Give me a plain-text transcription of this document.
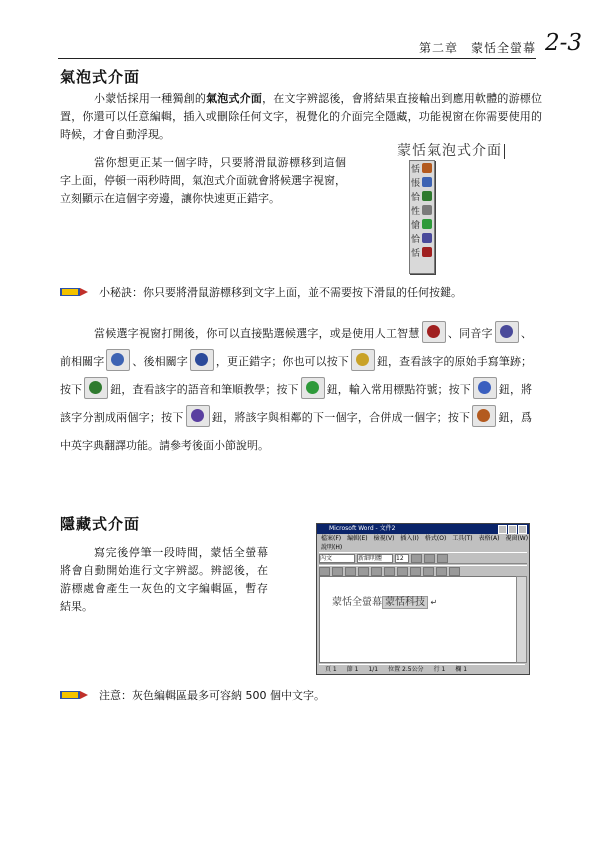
第二章　蒙恬全螢幕 2-3
氣泡式介面
小蒙恬採用一種獨創的氣泡式介面，在文字辨認後，會將結果直接輸出到應用軟體的游標位置，你還可以任意編輯，插入或刪除任何文字，視覺化的介面完全隱藏，功能視窗在你需要使用的時候，才會自動浮現。
當你想更正某一個字時，只要將滑鼠游標移到這個字上面，停頓一兩秒時間，氣泡式介面就會將候選字視窗，立刻顯示在這個字旁邊，讓你快速更正錯字。
蒙恬氣泡式介面
恬
悵
恰
性
愴
恰
恬
小秘訣：你只要將滑鼠游標移到文字上面，並不需要按下滑鼠的任何按鍵。
當候選字視窗打開後，你可以直接點選候選字，或是使用人工智慧	、同音字	、前相關字	、後相關字	，更正錯字；你也可以按下	鈕，查看該字的原始手寫筆跡；按下	鈕，査看該字的語音和筆順教學；按下	鈕，輸入常用標點符號；按下	鈕，將該字分割成兩個字；按下	鈕，將該字與相鄰的下一個字，合併成一個字；按下	鈕，爲中英字典翻譯功能。請參考後面小節說明。
隱藏式介面
寫完後停筆一段時間，蒙恬全螢幕將會自動開始進行文字辨認。辨認後，在游標處會產生一灰色的文字編輯區，暫存結果。
Microsoft Word - 文件2
檔案(F) 編輯(E) 檢視(V) 插入(I) 格式(O) 工具(T) 表格(A) 視窗(W)
說明(H)
內文	新細明體	12
蒙恬全螢幕 蒙恬科技 ↵
頁 1 節 1 1/1 位置 2.5公分 行 1 欄 1
注意：灰色編輯區最多可容納 500 個中文字。
